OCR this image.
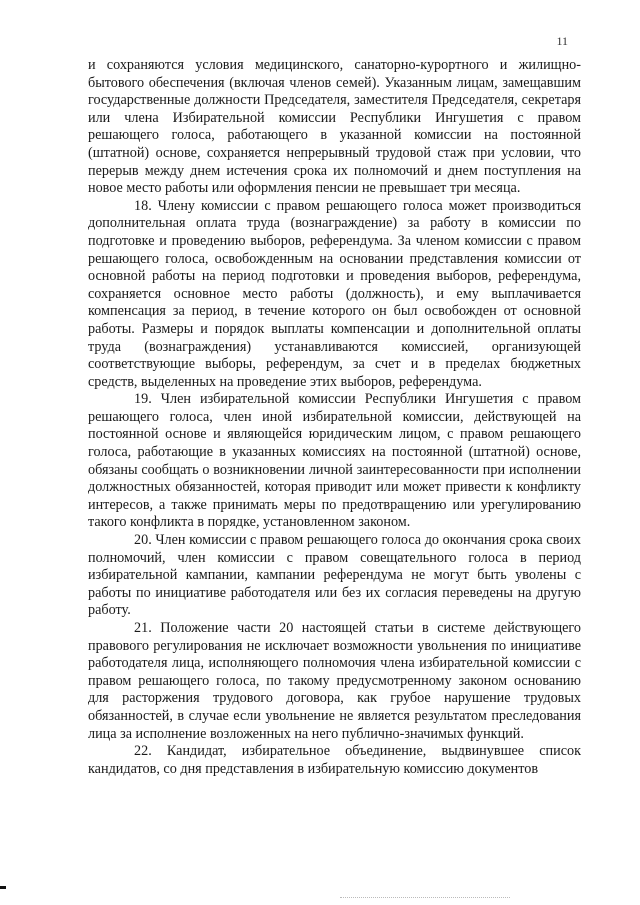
11

и сохраняются условия медицинского, санаторно-курортного и жилищно-бытового обеспечения (включая членов семей). Указанным лицам, замещавшим государственные должности Председателя, заместителя Председателя, секретаря или члена Избирательной комиссии Республики Ингушетия с правом решающего голоса, работающего в указанной комиссии на постоянной (штатной) основе, сохраняется непрерывный трудовой стаж при условии, что перерыв между днем истечения срока их полномочий и днем поступления на новое место работы или оформления пенсии не превышает три месяца.

18. Члену комиссии с правом решающего голоса может производиться дополнительная оплата труда (вознаграждение) за работу в комиссии по подготовке и проведению выборов, референдума. За членом комиссии с правом решающего голоса, освобожденным на основании представления комиссии от основной работы на период подготовки и проведения выборов, референдума, сохраняется основное место работы (должность), и ему выплачивается компенсация за период, в течение которого он был освобожден от основной работы. Размеры и порядок выплаты компенсации и дополнительной оплаты труда (вознаграждения) устанавливаются комиссией, организующей соответствующие выборы, референдум, за счет и в пределах бюджетных средств, выделенных на проведение этих выборов, референдума.

19. Член избирательной комиссии Республики Ингушетия с правом решающего голоса, член иной избирательной комиссии, действующей на постоянной основе и являющейся юридическим лицом, с правом решающего голоса, работающие в указанных комиссиях на постоянной (штатной) основе, обязаны сообщать о возникновении личной заинтересованности при исполнении должностных обязанностей, которая приводит или может привести к конфликту интересов, а также принимать меры по предотвращению или урегулированию такого конфликта в порядке, установленном законом.

20. Член комиссии с правом решающего голоса до окончания срока своих полномочий, член комиссии с правом совещательного голоса в период избирательной кампании, кампании референдума не могут быть уволены с работы по инициативе работодателя или без их согласия переведены на другую работу.

21. Положение части 20 настоящей статьи в системе действующего правового регулирования не исключает возможности увольнения по инициативе работодателя лица, исполняющего полномочия члена избирательной комиссии с правом решающего голоса, по такому предусмотренному законом основанию для расторжения трудового договора, как грубое нарушение трудовых обязанностей, в случае если увольнение не является результатом преследования лица за исполнение возложенных на него публично-значимых функций.

22. Кандидат, избирательное объединение, выдвинувшее список кандидатов, со дня представления в избирательную комиссию документов
